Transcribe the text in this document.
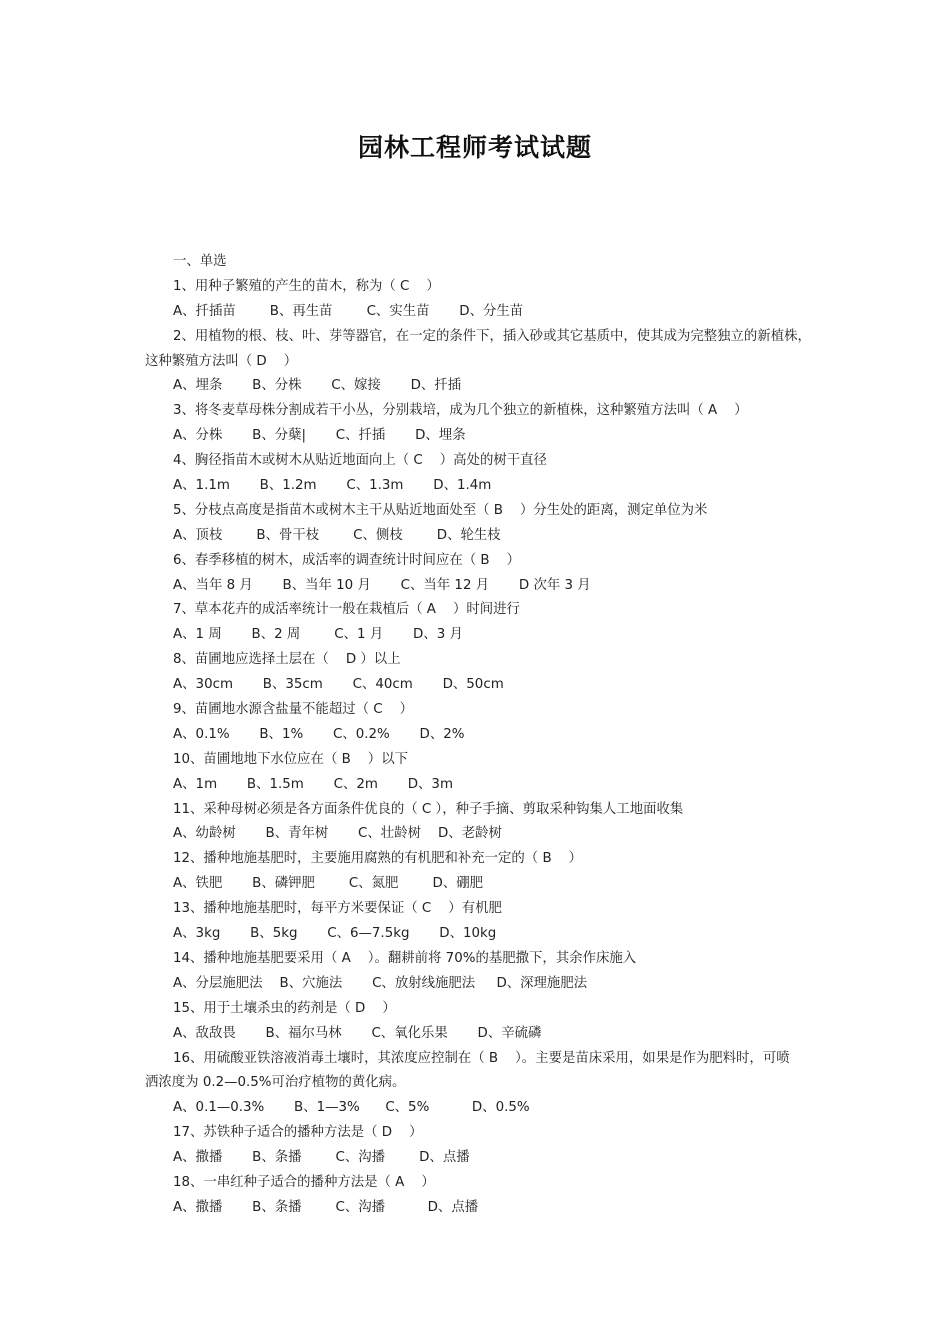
园林工程师考试试题
一、单选
1、用种子繁殖的产生的苗木，称为（ C    ）
A、扦插苗        B、再生苗        C、实生苗       D、分生苗
2、用植物的根、枝、叶、芽等器官，在一定的条件下，插入砂或其它基质中，使其成为完整独立的新植株，
这种繁殖方法叫（ D    ）
A、埋条       B、分株       C、嫁接       D、扦插
3、将冬麦草母株分割成若干小丛，分别栽培，成为几个独立的新植株，这种繁殖方法叫（ A    ）
A、分株       B、分蘖|       C、扦插       D、埋条
4、胸径指苗木或树木从贴近地面向上（ C    ）高处的树干直径
A、1.1m       B、1.2m       C、1.3m       D、1.4m
5、分枝点高度是指苗木或树木主干从贴近地面处至（ B    ）分生处的距离，测定单位为米
A、顶枝        B、骨干枝        C、侧枝        D、轮生枝
6、春季移植的树木，成活率的调查统计时间应在（ B    ）
A、当年 8 月       B、当年 10 月       C、当年 12 月       D 次年 3 月
7、草本花卉的成活率统计一般在栽植后（ A    ）时间进行
A、1 周       B、2 周        C、1 月       D、3 月
8、苗圃地应选择土层在（    D ）以上
A、30cm       B、35cm       C、40cm       D、50cm
9、苗圃地水源含盐量不能超过（ C    ）
A、0.1%       B、1%       C、0.2%       D、2%
10、苗圃地地下水位应在（ B    ）以下
A、1m       B、1.5m       C、2m       D、3m
11、采种母树必须是各方面条件优良的（ C ），种子手摘、剪取采种钩集人工地面收集
A、幼龄树       B、青年树       C、壮龄树    D、老龄树
12、播种地施基肥时，主要施用腐熟的有机肥和补充一定的（ B    ）
A、铁肥       B、磷钾肥        C、氮肥        D、硼肥
13、播种地施基肥时，每平方米要保证（ C    ）有机肥
A、3kg       B、5kg       C、6—7.5kg       D、10kg
14、播种地施基肥要采用（ A    ）。翻耕前将 70%的基肥撒下，其余作床施入
A、分层施肥法    B、穴施法       C、放射线施肥法     D、深理施肥法
15、用于土壤杀虫的药剂是（ D    ）
A、敌敌畏       B、福尔马林       C、氧化乐果       D、辛硫磷
16、用硫酸亚铁溶液消毒土壤时，其浓度应控制在（ B    ）。主要是苗床采用，如果是作为肥料时，可喷
洒浓度为 0.2—0.5%可治疗植物的黄化病。
A、0.1—0.3%       B、1—3%      C、5%          D、0.5%
17、苏铁种子适合的播种方法是（ D    ）
A、撒播       B、条播        C、沟播        D、点播
18、一串红种子适合的播种方法是（ A    ）
A、撒播       B、条播        C、沟播          D、点播
